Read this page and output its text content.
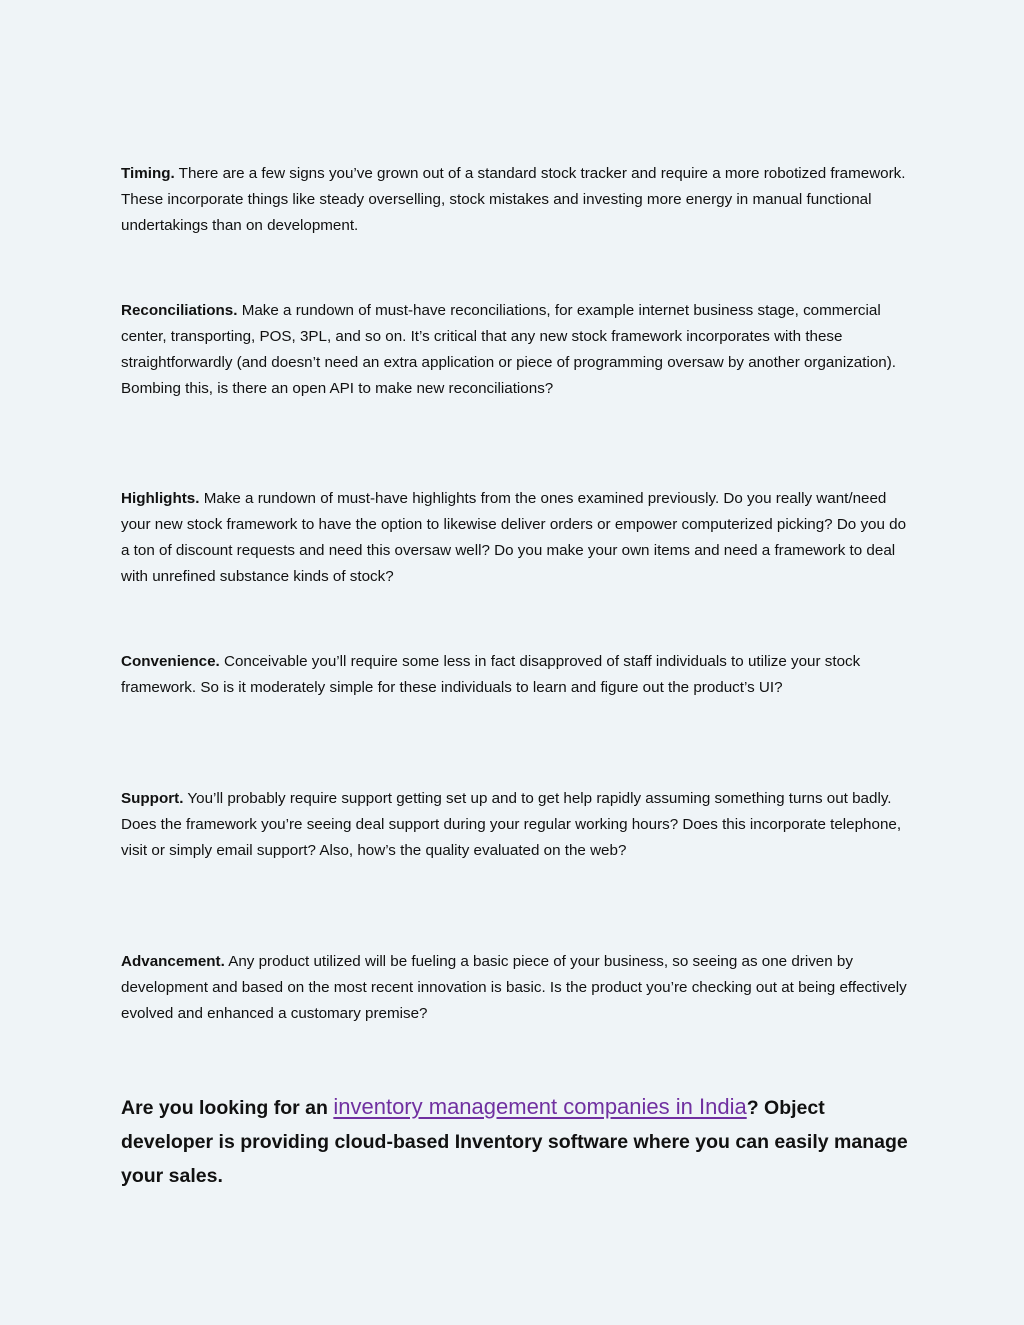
Timing. There are a few signs you’ve grown out of a standard stock tracker and require a more robotized framework. These incorporate things like steady overselling, stock mistakes and investing more energy in manual functional undertakings than on development.

Reconciliations. Make a rundown of must-have reconciliations, for example internet business stage, commercial center, transporting, POS, 3PL, and so on. It’s critical that any new stock framework incorporates with these straightforwardly (and doesn’t need an extra application or piece of programming oversaw by another organization). Bombing this, is there an open API to make new reconciliations?

Highlights. Make a rundown of must-have highlights from the ones examined previously. Do you really want/need your new stock framework to have the option to likewise deliver orders or empower computerized picking? Do you do a ton of discount requests and need this oversaw well? Do you make your own items and need a framework to deal with unrefined substance kinds of stock?

Convenience. Conceivable you’ll require some less in fact disapproved of staff individuals to utilize your stock framework. So is it moderately simple for these individuals to learn and figure out the product’s UI?

Support. You’ll probably require support getting set up and to get help rapidly assuming something turns out badly. Does the framework you’re seeing deal support during your regular working hours? Does this incorporate telephone, visit or simply email support? Also, how’s the quality evaluated on the web?

Advancement. Any product utilized will be fueling a basic piece of your business, so seeing as one driven by development and based on the most recent innovation is basic. Is the product you’re checking out at being effectively evolved and enhanced a customary premise?

Are you looking for an inventory management companies in India? Object developer is providing cloud-based Inventory software where you can easily manage your sales.
